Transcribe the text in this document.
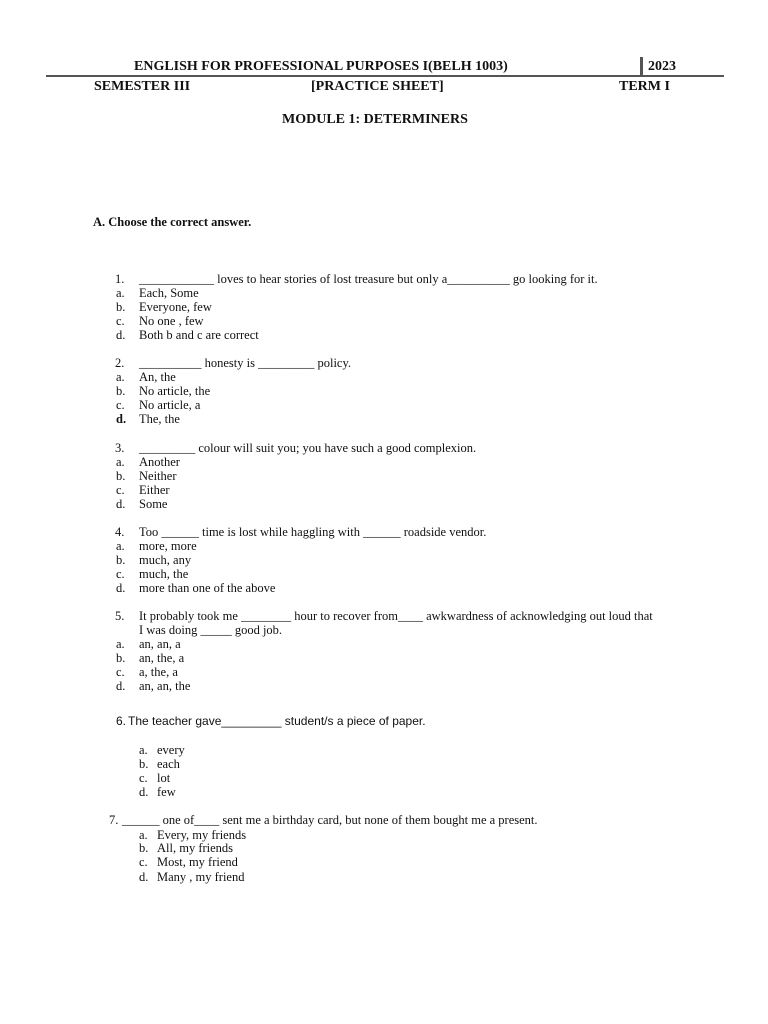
ENGLISH FOR PROFESSIONAL PURPOSES I(BELH 1003)	2023
SEMESTER III	[PRACTICE SHEET]	TERM I
MODULE 1: DETERMINERS
A. Choose the correct answer.
1. ____________ loves to hear stories of lost treasure but only a__________ go looking for it.
a. Each, Some
b. Everyone, few
c. No one , few
d. Both b and c are correct
2. __________ honesty is _________ policy.
a. An, the
b. No article, the
c. No article, a
d. The, the
3. _________ colour will suit you; you have such a good complexion.
a. Another
b. Neither
c. Either
d. Some
4. Too ______ time is lost while haggling with ______ roadside vendor.
a. more, more
b. much, any
c. much, the
d. more than one of the above
5. It probably took me ________ hour to recover from____ awkwardness of acknowledging out loud that
I was doing _____ good job.
a. an, an, a
b. an, the, a
c. a, the, a
d. an, an, the
6. The teacher gave_________ student/s a piece of paper.
a. every
b. each
c. lot
d. few
7. ______ one of____ sent me a birthday card, but none of them bought me a present.
a. Every, my friends
b. All, my friends
c. Most, my friend
d. Many , my friend
